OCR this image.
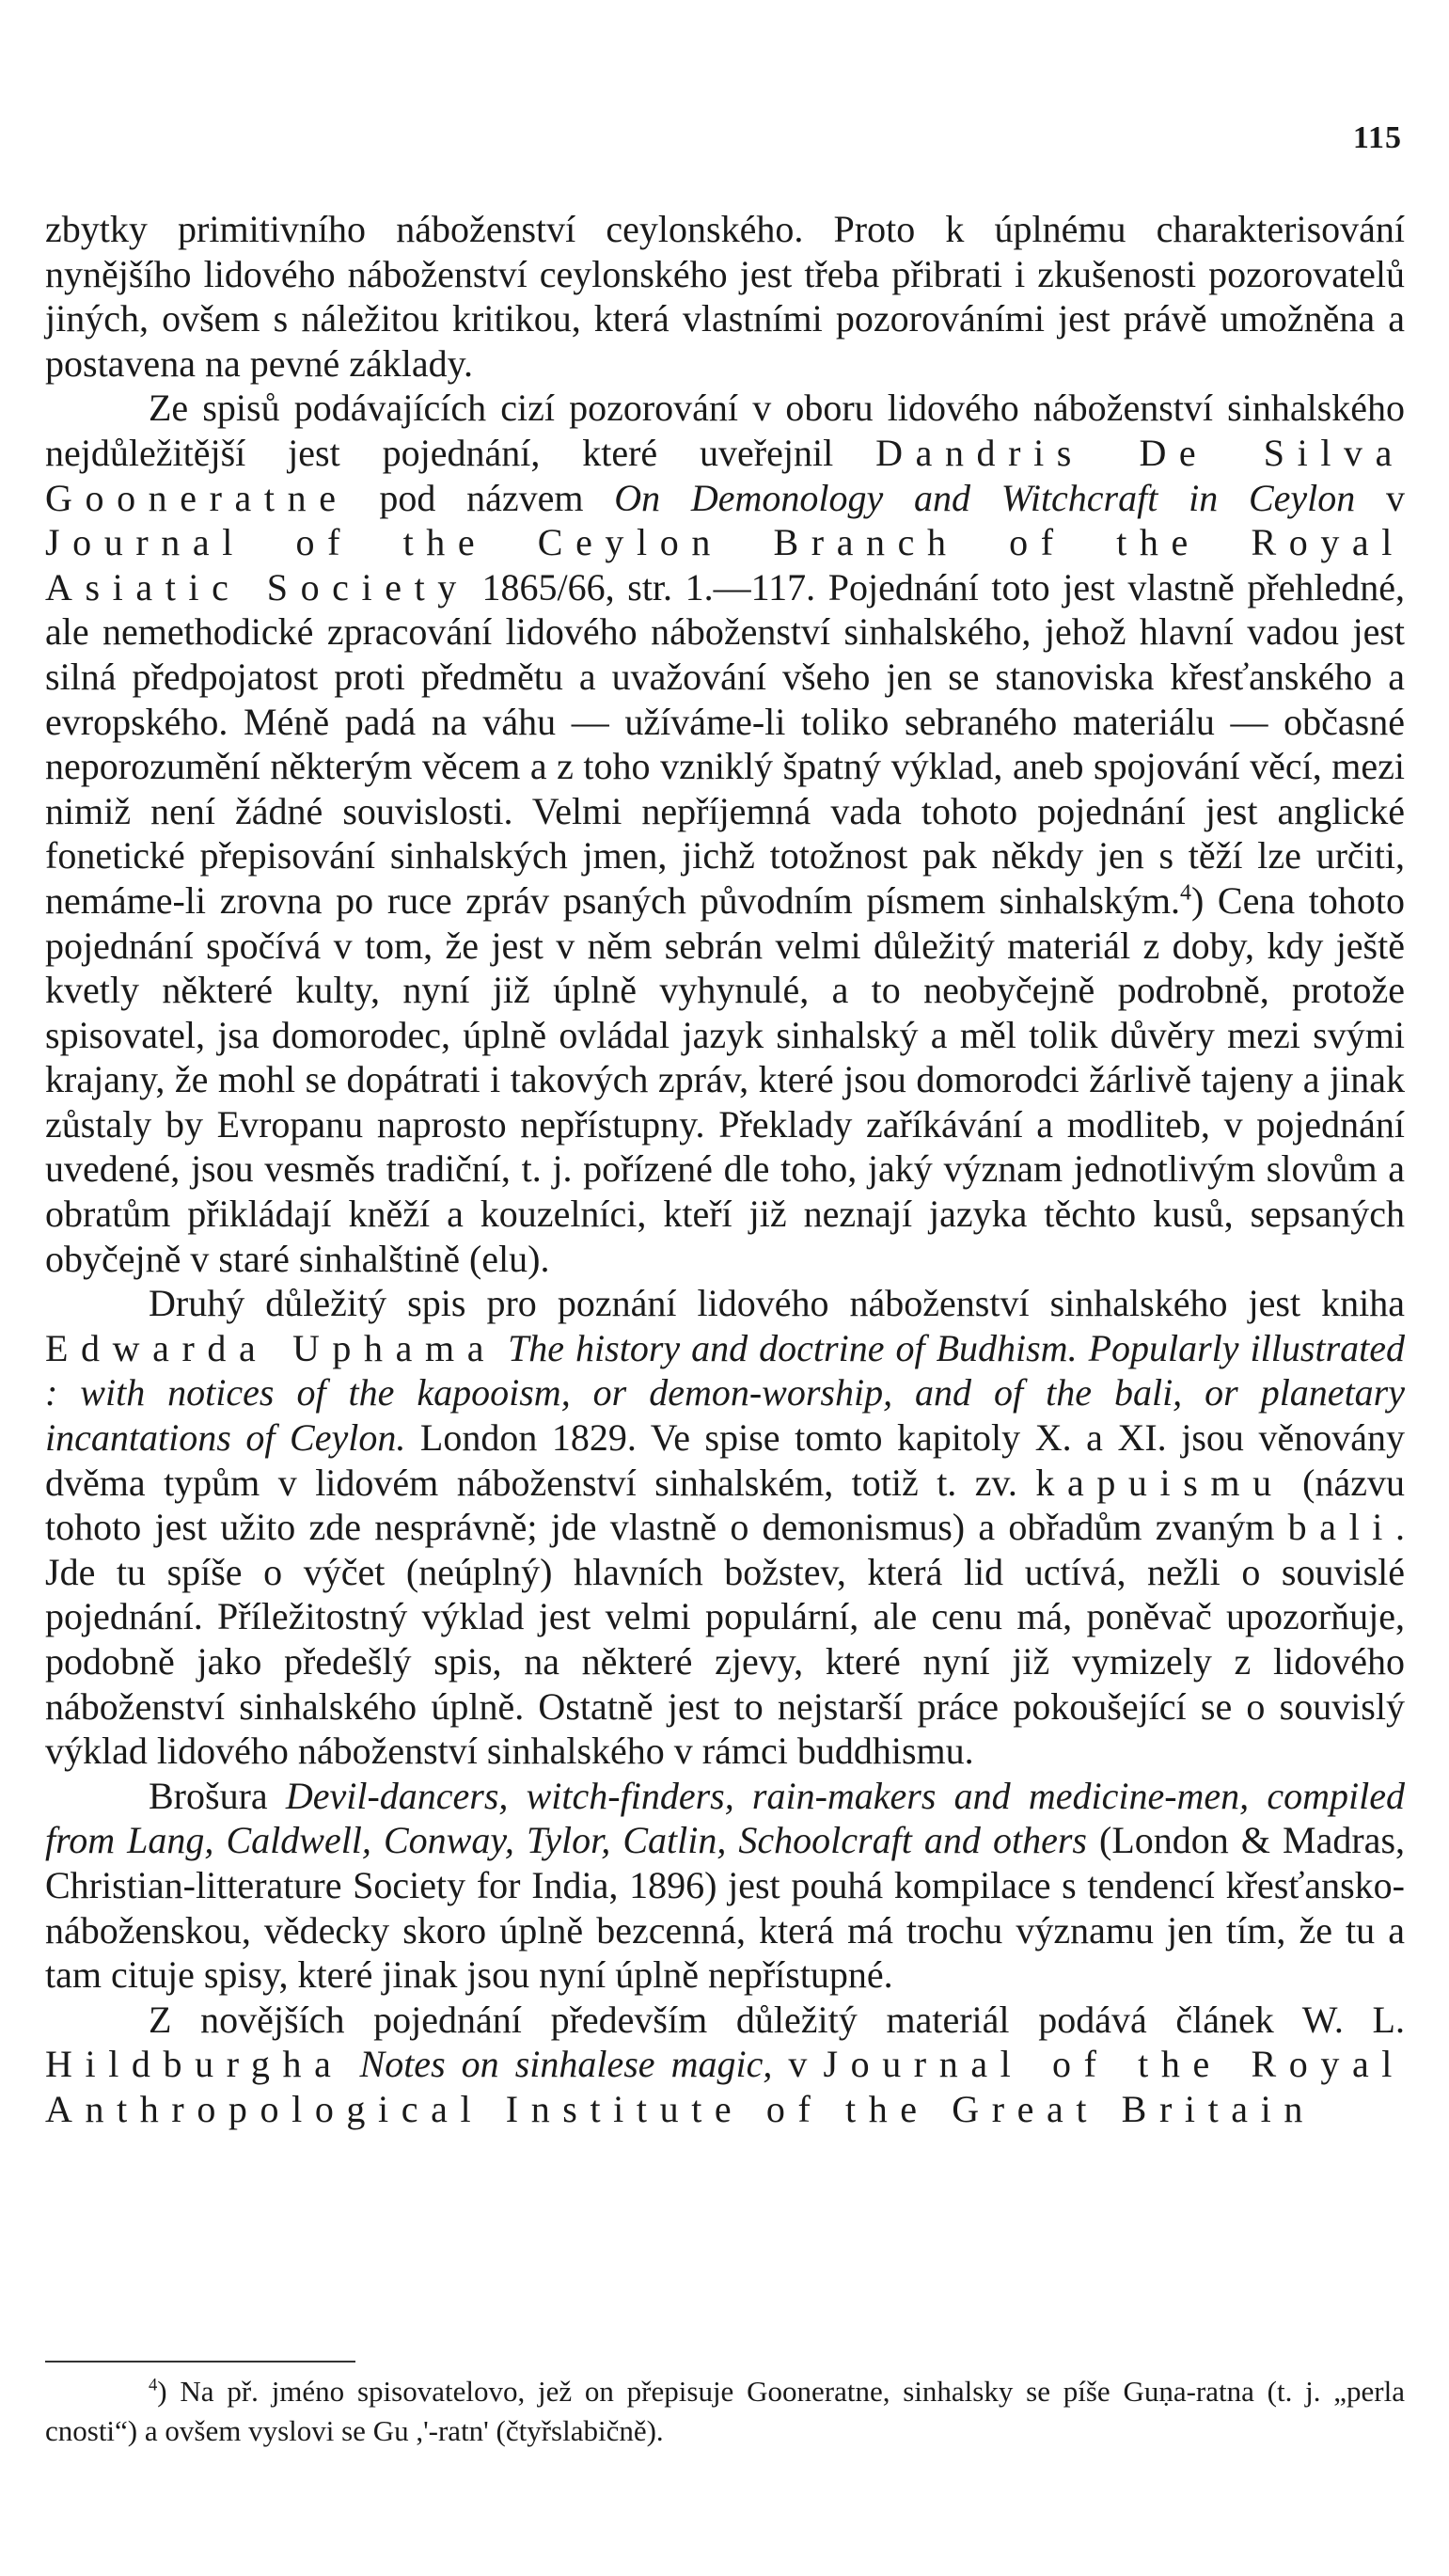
115

zbytky primitivního náboženství ceylonského. Proto k úplnému charakterisování nynějšího lidového náboženství ceylonského jest třeba přibrati i zkušenosti pozorovatelů jiných, ovšem s náležitou kritikou, která vlastními pozorováními jest právě umožněna a postavena na pevné základy.

Ze spisů podávajících cizí pozorování v oboru lidového náboženství sinhalského nejdůležitější jest pojednání, které uveřejnil Dandris De Silva Gooneratne pod názvem On Demonology and Witchcraft in Ceylon v Journal of the Ceylon Branch of the Royal Asiatic Society 1865/66, str. 1.—117. Pojednání toto jest vlastně přehledné, ale nemethodické zpracování lidového náboženství sinhalského, jehož hlavní vadou jest silná předpojatost proti předmětu a uvažování všeho jen se stanoviska křesťanského a evropského. Méně padá na váhu — užíváme-li toliko sebraného materiálu — občasné neporozumění některým věcem a z toho vzniklý špatný výklad, aneb spojování věcí, mezi nimiž není žádné souvislosti. Velmi nepříjemná vada tohoto pojednání jest anglické fonetické přepisování sinhalských jmen, jichž totožnost pak někdy jen s těží lze určiti, nemáme-li zrovna po ruce zpráv psaných původním písmem sinhalským.$^4$) Cena tohoto pojednání spočívá v tom, že jest v něm sebrán velmi důležitý materiál z doby, kdy ještě kvetly některé kulty, nyní již úplně vyhynulé, a to neobyčejně podrobně, protože spisovatel, jsa domorodec, úplně ovládal jazyk sinhalský a měl tolik důvěry mezi svými krajany, že mohl se dopátrati i takových zpráv, které jsou domorodci žárlivě tajeny a jinak zůstaly by Evropanu naprosto nepřístupny. Překlady zaříkávání a modliteb, v pojednání uvedené, jsou vesměs tradiční, t. j. pořízené dle toho, jaký význam jednotlivým slovům a obratům přikládají kněží a kouzelníci, kteří již neznají jazyka těchto kusů, sepsaných obyčejně v staré sinhalštině (elu).

Druhý důležitý spis pro poznání lidového náboženství sinhalského jest kniha Edwarda Uphama The history and doctrine of Budhism. Popularly illustrated : with notices of the kapooism, or demon-worship, and of the bali, or planetary incantations of Ceylon. London 1829. Ve spise tomto kapitoly X. a XI. jsou věnovány dvěma typům v lidovém náboženství sinhalském, totiž t. zv. kapuismu (názvu tohoto jest užito zde nesprávně; jde vlastně o demonismus) a obřadům zvaným bali. Jde tu spíše o výčet (neúplný) hlavních božstev, která lid uctívá, nežli o souvislé pojednání. Příležitostný výklad jest velmi populární, ale cenu má, poněvač upozorňuje, podobně jako předešlý spis, na některé zjevy, které nyní již vymizely z lidového náboženství sinhalského úplně. Ostatně jest to nejstarší práce pokoušející se o souvislý výklad lidového náboženství sinhalského v rámci buddhismu.

Brošura Devil-dancers, witch-finders, rain-makers and medicine-men, compiled from Lang, Caldwell, Conway, Tylor, Catlin, Schoolcraft and others (London & Madras, Christian-litterature Society for India, 1896) jest pouhá kompilace s tendencí křesťansko-náboženskou, vědecky skoro úplně bezcenná, která má trochu významu jen tím, že tu a tam cituje spisy, které jinak jsou nyní úplně nepřístupné.

Z novějších pojednání především důležitý materiál podává článek W. L. Hildburgha Notes on sinhalese magic, v Journal of the Royal Anthropological Institute of the Great Britain

$^4$) Na př. jméno spisovatelovo, jež on přepisuje Gooneratne, sinhalsky se píše Guṇa-ratna (t. j. „perla cnosti“) a ovšem vyslovi se Gu ,'-ratn' (čtyřslabičně).
